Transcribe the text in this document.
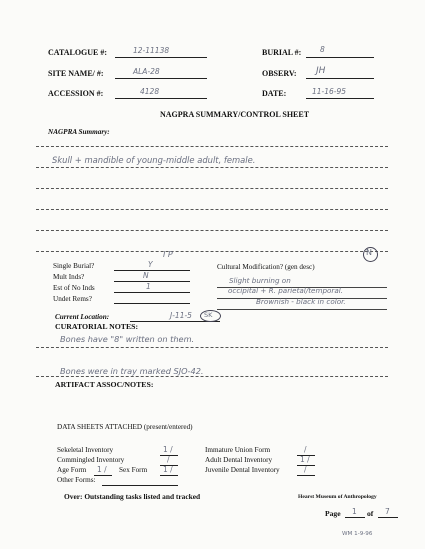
CATALOGUE #:	12-11138	BURIAL #: 8
SITE NAME/ #:	ALA-28	OBSERV: JH
ACCESSION #:	4128	DATE:	11-16-95
NAGPRA SUMMARY/CONTROL SHEET
NAGPRA Summary:
Skull + mandible of young-middle adult, female.
I P	N
Single Burial?	Y
Mult Inds?	N
Est of No Inds	1
Undet Rems?
Cultural Modification? (gen desc)
Slight burning on
occipital + R. parietal/temporal.
Brownish - black in color.
Current Location:	J-11-5 SK
CURATORIAL NOTES:
Bones have "8" written on them.
Bones were in tray marked SJO-42.
ARTIFACT ASSOC/NOTES:
DATA SHEETS ATTACHED (present/entered)
Sekeletal Inventory	1 /
Commingled Inventory	/
Age Form 1 / Sex Form 1 /
Other Forms:
Immature Union Form	/
Adult Dental Inventory	1 /
Juvenile Dental Inventory	/
Over: Outstanding tasks listed and tracked	Hearst Museum of Anthropology
Page 1 of 7
WM 1-9-96
